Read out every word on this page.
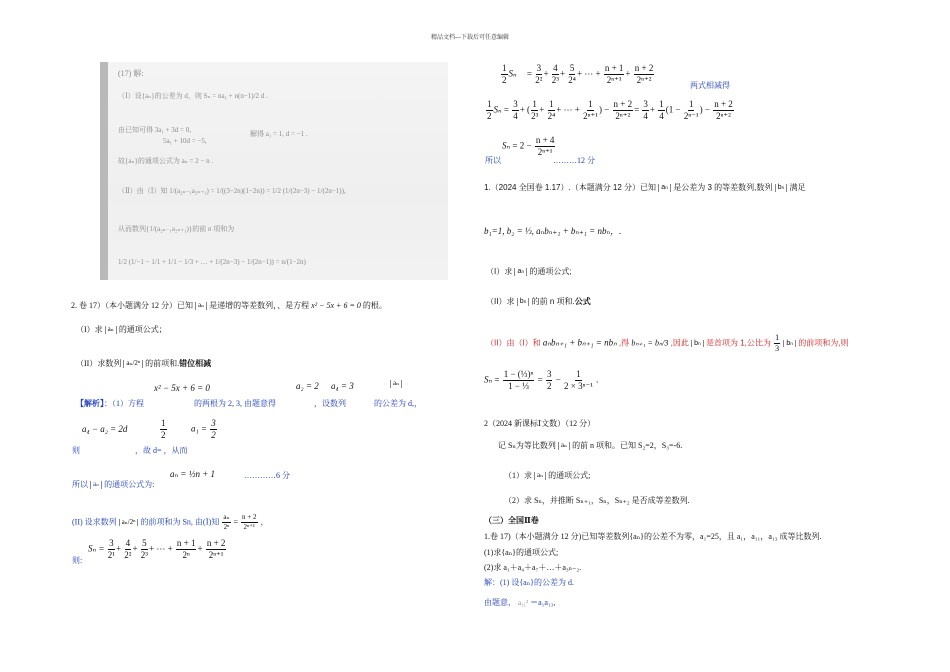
精品文档---下载后可任意编辑
(17) 解:
（Ⅰ）设{aₙ}的公差为 d，则 Sₙ = na₁ + n(n−1)/2 d .
由已知可得 3a₁ + 3d = 0,
5a₁ + 10d = −5,
解得 a₁ = 1, d = −1 .
故{aₙ}的通项公式为 aₙ = 2 − n .
（Ⅱ）由（Ⅰ）知 1/(a₂ₙ₋₁a₂ₙ₊₁) = 1/((3−2n)(1−2n)) = 1/2 (1/(2n−3) − 1/(2n−1)),
从而数列{1/(a₂ₙ₋₁a₂ₙ₊₁)}的前 n 项和为
1/2 (1/−1 − 1/1 + 1/1 − 1/3 + … + 1/(2n−3) − 1/(2n−1)) = n/(1−2n)
2. 卷 17）（本小题满分 12 分）已知 aₙ 是递增的等差数列，、是方程 x² − 5x + 6 = 0 的根。
（I）求 aₙ 的通项公式；
（II）求数列 aₙ/2ⁿ 的前项和.错位相减
x² − 5x + 6 = 0	a₂ = 2 a₄ = 3	aₙ
【解析】：（1）方程	的两根为 2, 3, 由题意得	，设数列	的公差为 d,，
a₄ − a₂ = 2d	$\frac{1}{2}$	$a_1 = \frac{3}{2}$
则	，故 d= ，从而
aₙ = ½n + 1	…………6 分
所以 aₙ 的通项公式为:
(II) 设求数列 aₙ/2ⁿ 的前项和为 Sn, 由(Ⅰ)知 $\frac{\text{aₙ}}{\text{2ⁿ}} = \frac{n + 2}{\text{2ⁿ⁺¹}}$ ，
则:
$S_n = \frac{3}{\text{2¹}} + \frac{4}{\text{2²}} + \frac{5}{\text{2³}}$ + ⋯ + $\frac{n + 1}{\text{2ⁿ}} + \frac{n + 2}{\text{2ⁿ⁺¹}}$
$\frac{1}{2}$ $S_n = \frac{3}{\text{2²}} + \frac{4}{\text{2³}} + \frac{5}{\text{2⁴}}$ + ⋯ + $\frac{n + 1}{\text{2ⁿ⁺¹}} + \frac{n + 2}{\text{2ⁿ⁺²}}$
两式相减得
$\frac{1}{2}$ $S_n = \frac{3}{4}$ + ( $\frac{1}{\text{2³}} + \frac{1}{\text{2⁴}}$ + ⋯ + $\frac{1}{\text{2ⁿ⁺¹}}$ ) − $\frac{n + 2}{\text{2ⁿ⁺²}} = \frac{3}{4} + \frac{1}{4} (1 - \frac{1}{\text{2ⁿ⁻¹}}$ ) − $\frac{n + 2}{\text{2ⁿ⁺²}}$
$S_n = 2 - \frac{n + 4}{\text{2ⁿ⁺¹}}$
所以	………12 分
1.（2024 全国卷 1.17）.（本题满分 12 分）已知 aₙ 是公差为 3 的等差数列,数列 bₙ 满足
b₁=1, b₂ = ⅓, aₙbₙ₊₁ + bₙ₊₁ = nbₙ，.
（I）求 aₙ 的通项公式;
（II）求 bₙ 的前 n 项和.公式
（II）由（I）和 aₙbₙ₊₁ + bₙ₊₁ = nbₙ ,得 bₙ₊₁ = bₙ/3 ,因此 bₙ 是首项为 1,公比为 $\frac{1}{3}$ bₙ 的前项和为,则
$S_n = \frac{\text{1 − (⅓)ⁿ}}{\text{1 − ⅓}} = \frac{3}{2} - \frac{1}{\text{2 × 3ⁿ⁻¹}}$ .
2（2024 新课标Ⅰ文数）（12 分）
记 Sₙ为等比数列 aₙ 的前 n 项和。已知 S₂=2，S₃=-6.
（1）求 aₙ 的通项公式;
（2）求 Sₙ，并推断 Sₙ₊₁，Sₙ，Sₙ₊₂ 是否成等差数列.
（三）全国Ⅱ卷
1.卷 17)（本小题满分 12 分)已知等差数列{aₙ}的公差不为零，a₁=25，且 a₁，a₁₁，a₁₃ 成等比数列.
(1)求{aₙ}的通项公式;
(2)求 a₁＋a₄＋a₇＋…＋a₃ₙ₋₂.
解：(1) 设{aₙ}的公差为 d.
由题意， a₁₁² ＝a₁a₁₃,
